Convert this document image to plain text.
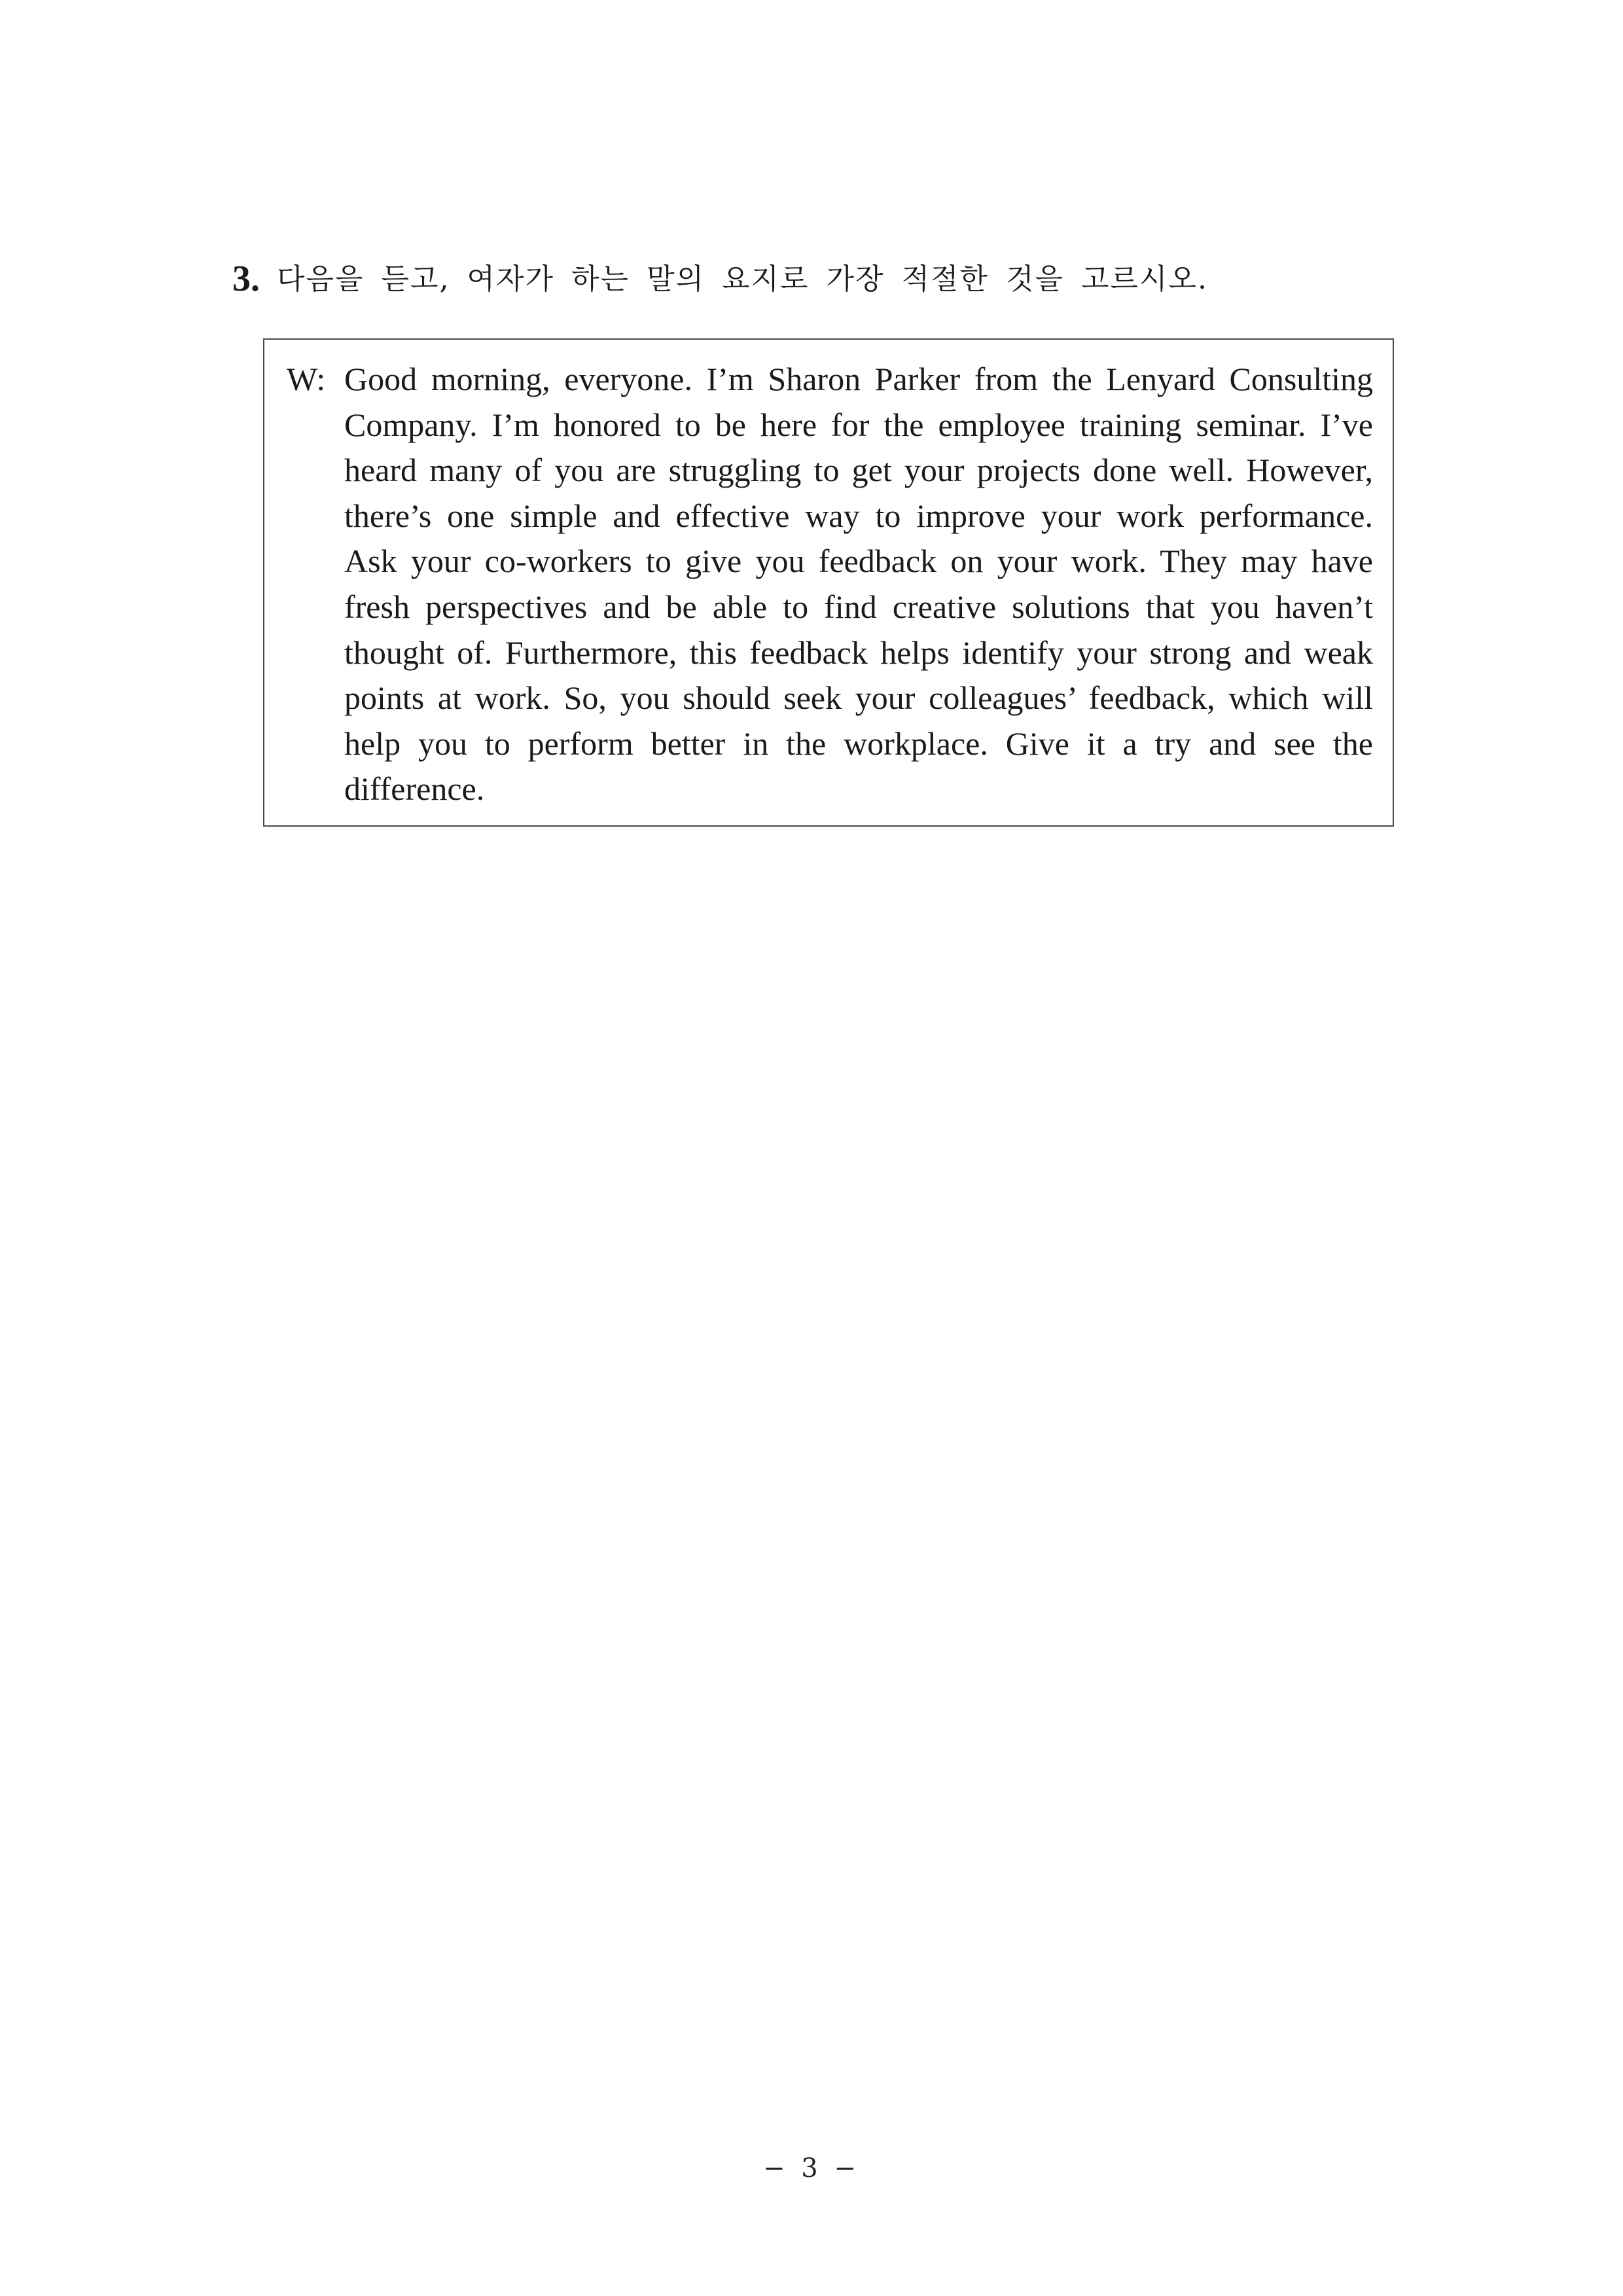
3. 다음을 듣고, 여자가 하는 말의 요지로 가장 적절한 것을 고르시오.
W: Good morning, everyone. I’m Sharon Parker from the Lenyard Consulting
Company. I’m honored to be here for the employee training seminar. I’ve
heard many of you are struggling to get your projects done well. However,
there’s one simple and effective way to improve your work performance.
Ask your co-workers to give you feedback on your work. They may have
fresh perspectives and be able to find creative solutions that you haven’t
thought of. Furthermore, this feedback helps identify your strong and weak
points at work. So, you should seek your colleagues’ feedback, which will
help you to perform better in the workplace. Give it a try and see the
difference.
− 3 −
